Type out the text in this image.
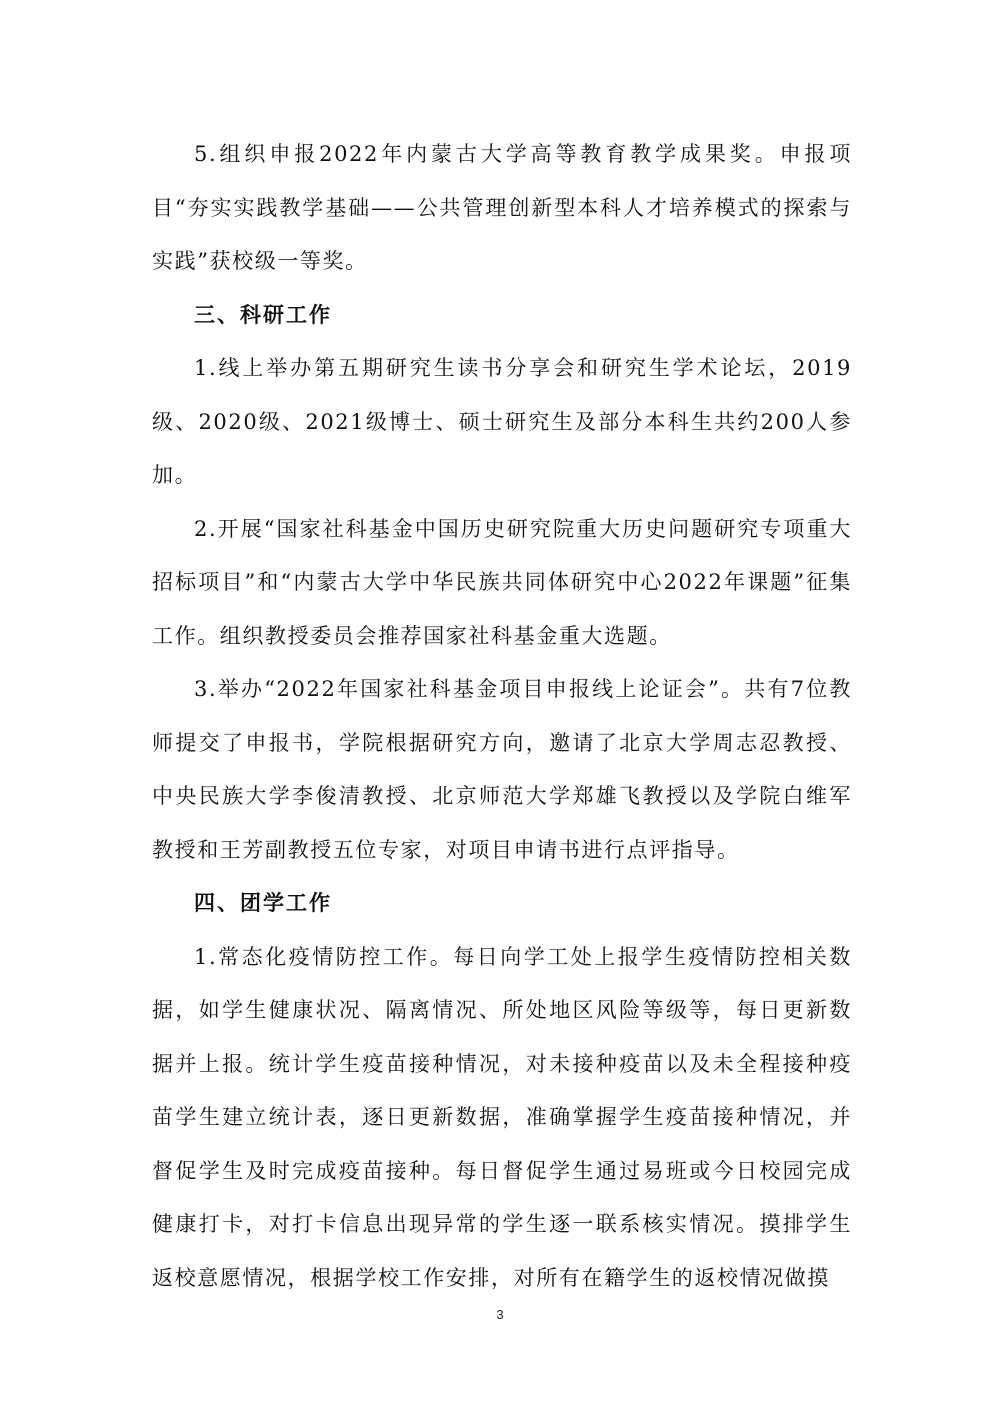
5.组织申报2022年内蒙古大学高等教育教学成果奖。申报项目“夯实实践教学基础——公共管理创新型本科人才培养模式的探索与实践”获校级一等奖。

三、科研工作

1.线上举办第五期研究生读书分享会和研究生学术论坛，2019级、2020级、2021级博士、硕士研究生及部分本科生共约200人参加。

2.开展“国家社科基金中国历史研究院重大历史问题研究专项重大招标项目”和“内蒙古大学中华民族共同体研究中心2022年课题”征集工作。组织教授委员会推荐国家社科基金重大选题。

3.举办“2022年国家社科基金项目申报线上论证会”。共有7位教师提交了申报书，学院根据研究方向，邀请了北京大学周志忍教授、中央民族大学李俊清教授、北京师范大学郑雄飞教授以及学院白维军教授和王芳副教授五位专家，对项目申请书进行点评指导。

四、团学工作

1.常态化疫情防控工作。每日向学工处上报学生疫情防控相关数据，如学生健康状况、隔离情况、所处地区风险等级等，每日更新数据并上报。统计学生疫苗接种情况，对未接种疫苗以及未全程接种疫苗学生建立统计表，逐日更新数据，准确掌握学生疫苗接种情况，并督促学生及时完成疫苗接种。每日督促学生通过易班或今日校园完成健康打卡，对打卡信息出现异常的学生逐一联系核实情况。摸排学生返校意愿情况，根据学校工作安排，对所有在籍学生的返校情况做摸

3
